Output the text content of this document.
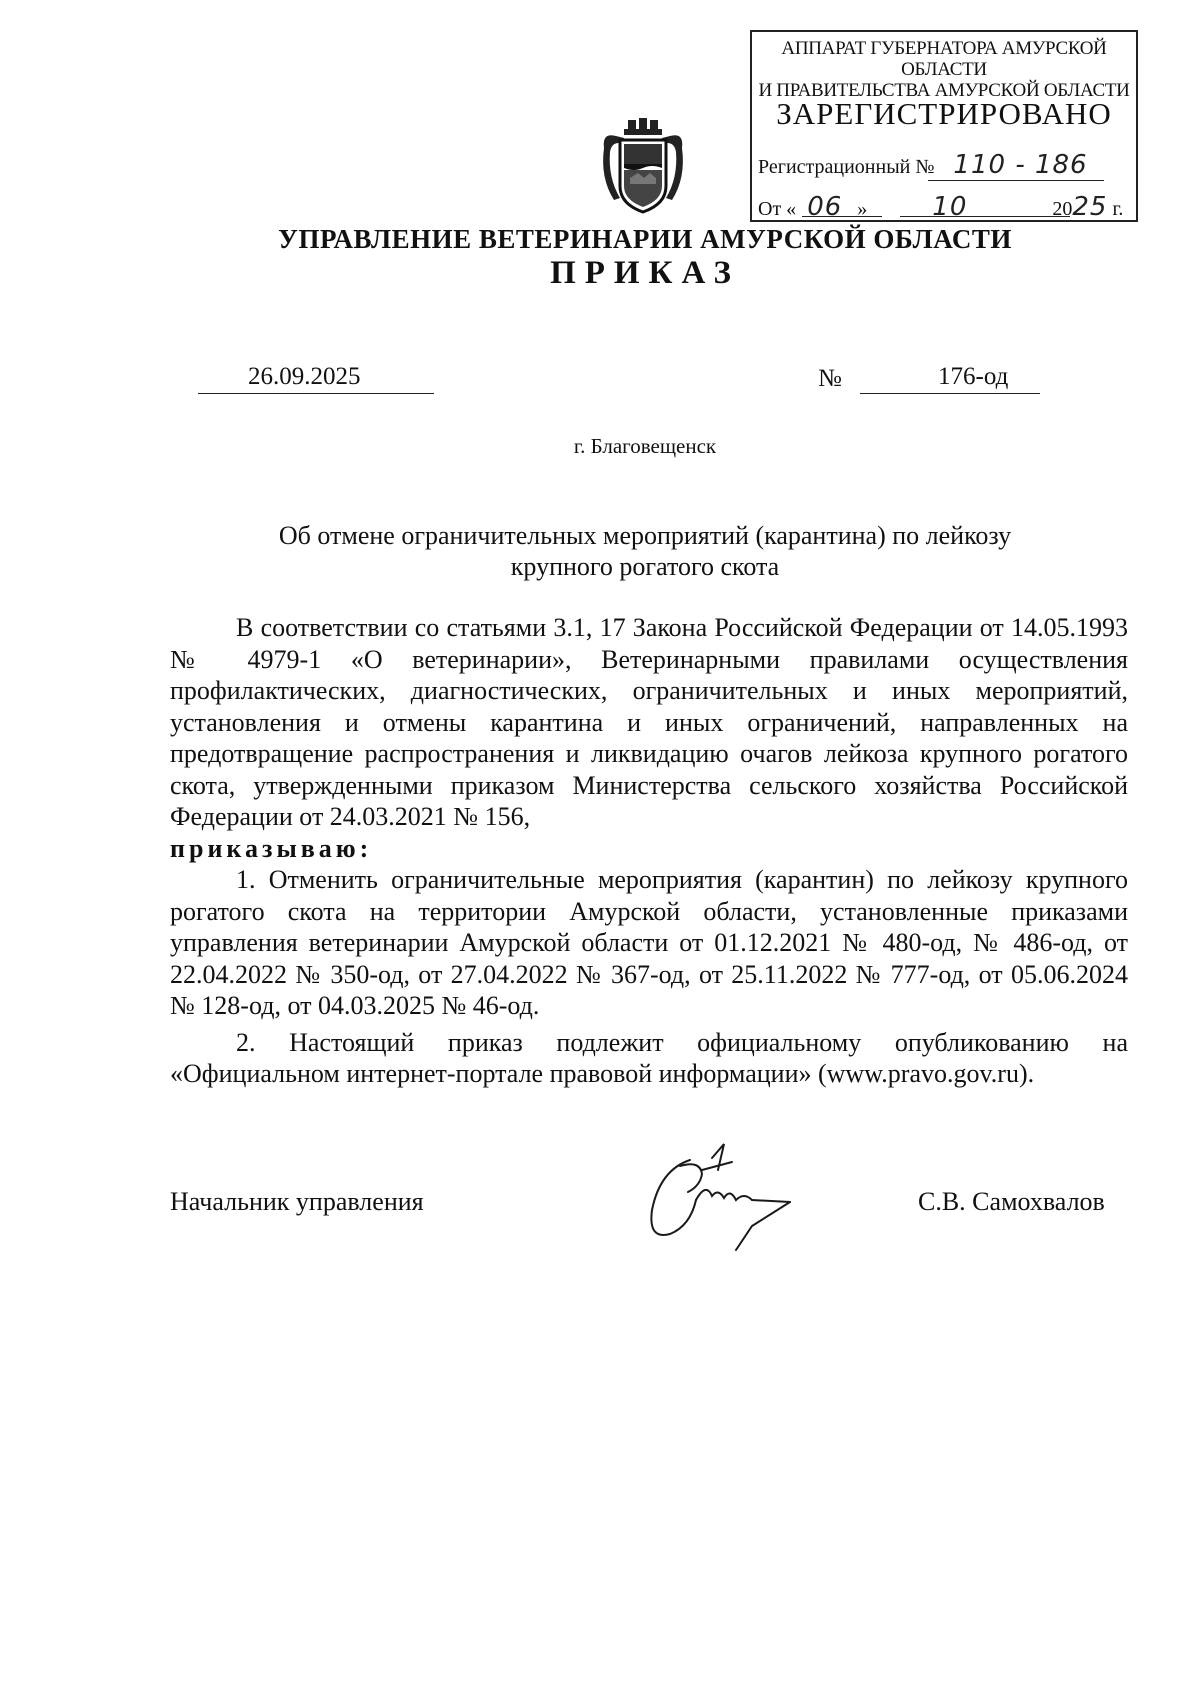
АППАРАТ ГУБЕРНАТОРА АМУРСКОЙ ОБЛАСТИ
И ПРАВИТЕЛЬСТВА АМУРСКОЙ ОБЛАСТИ
ЗАРЕГИСТРИРОВАНО
Регистрационный № 110 - 186
От « 06 »	10	2025 г.
УПРАВЛЕНИЕ ВЕТЕРИНАРИИ АМУРСКОЙ ОБЛАСТИ
ПРИКАЗ
26.09.2025	№	176-од
г. Благовещенск
Об отмене ограничительных мероприятий (карантина) по лейкозу
крупного рогатого скота

В соответствии со статьями 3.1, 17 Закона Российской Федерации от 14.05.1993 № 4979-1 «О ветеринарии», Ветеринарными правилами осуществления профилактических, диагностических, ограничительных и иных мероприятий, установления и отмены карантина и иных ограничений, направленных на предотвращение распространения и ликвидацию очагов лейкоза крупного рогатого скота, утвержденными приказом Министерства сельского хозяйства Российской Федерации от 24.03.2021 № 156,

приказываю:

1. Отменить ограничительные мероприятия (карантин) по лейкозу крупного рогатого скота на территории Амурской области, установленные приказами управления ветеринарии Амурской области от 01.12.2021 № 480-од, № 486-од, от 22.04.2022 № 350-од, от 27.04.2022 № 367-од, от 25.11.2022 № 777-од, от 05.06.2024 № 128-од, от 04.03.2025 № 46-од.

2. Настоящий приказ подлежит официальному опубликованию на «Официальном интернет-портале правовой информации» (www.pravo.gov.ru).

Начальник управления	С.В. Самохвалов
